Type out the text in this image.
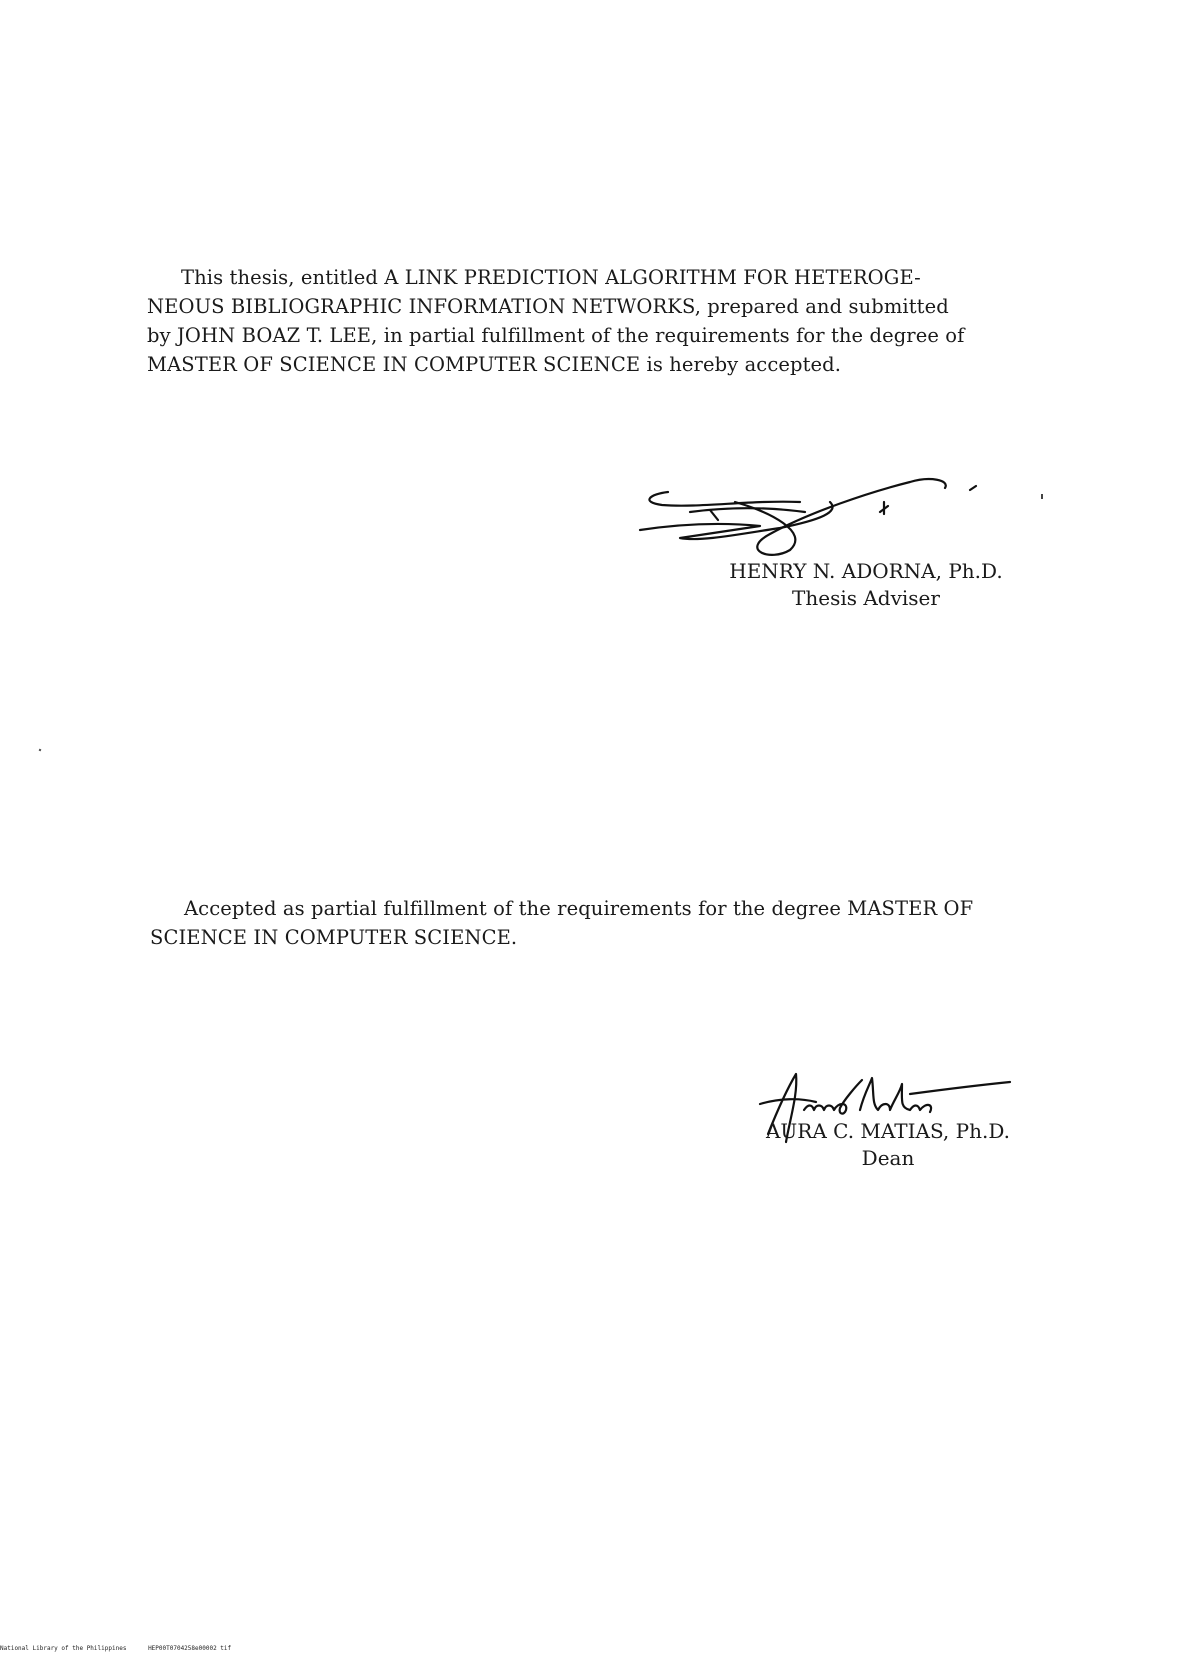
This thesis, entitled A LINK PREDICTION ALGORITHM FOR HETEROGE-
NEOUS BIBLIOGRAPHIC INFORMATION NETWORKS, prepared and submitted
by JOHN BOAZ T. LEE, in partial fulfillment of the requirements for the degree of
MASTER OF SCIENCE IN COMPUTER SCIENCE is hereby accepted.
HENRY N. ADORNA, Ph.D.
Thesis Adviser
Accepted as partial fulfillment of the requirements for the degree MASTER OF
SCIENCE IN COMPUTER SCIENCE.
AURA C. MATIAS, Ph.D.
Dean
National Library of the Philippines	HEP00T0704258e00002 tif
